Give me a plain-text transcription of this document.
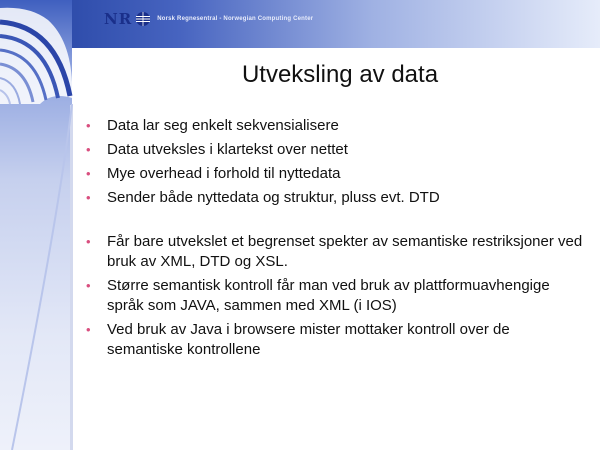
NR	Norsk Regnesentral - Norwegian Computing Center
Utveksling av data
• Data lar seg enkelt sekvensialisere
• Data utveksles i klartekst over nettet
• Mye overhead i forhold til nyttedata
• Sender både nyttedata og struktur, pluss evt. DTD
• Får bare utvekslet et begrenset spekter av semantiske restriksjoner ved bruk av XML, DTD og XSL.
• Større semantisk kontroll får man ved bruk av plattformuavhengige språk som JAVA, sammen med XML (i IOS)
• Ved bruk av Java i browsere mister mottaker kontroll over de semantiske kontrollene
